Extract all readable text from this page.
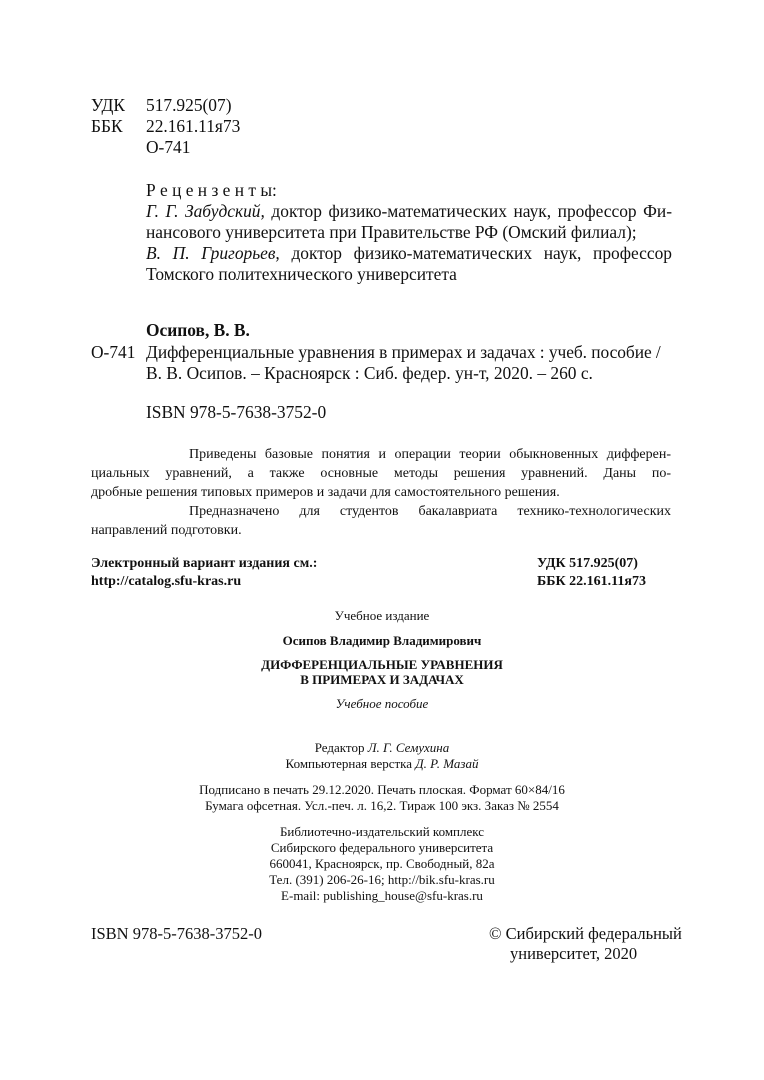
УДК 517.925(07)
ББК 22.161.11я73
О-741
Р е ц е н з е н т ы:
Г. Г. Забудский, доктор физико-математических наук, профессор Фи-
нансового университета при Правительстве РФ (Омский филиал);
В. П. Григорьев, доктор физико-математических наук, профессор
Томского политехнического университета
Осипов, В. В.
О-741 Дифференциальные уравнения в примерах и задачах : учеб. пособие /
В. В. Осипов. – Красноярск : Сиб. федер. ун-т, 2020. – 260 с.
ISBN 978-5-7638-3752-0
Приведены базовые понятия и операции теории обыкновенных дифферен-
циальных уравнений, а также основные методы решения уравнений. Даны по-
дробные решения типовых примеров и задачи для самостоятельного решения.
Предназначено для студентов бакалавриата технико-технологических
направлений подготовки.
Электронный вариант издания см.:
http://catalog.sfu-kras.ru
УДК 517.925(07)
ББК 22.161.11я73
Учебное издание
Осипов Владимир Владимирович
ДИФФЕРЕНЦИАЛЬНЫЕ УРАВНЕНИЯ
В ПРИМЕРАХ И ЗАДАЧАХ
Учебное пособие
Редактор Л. Г. Семухина
Компьютерная верстка Д. Р. Мазай
Подписано в печать 29.12.2020. Печать плоская. Формат 60×84/16
Бумага офсетная. Усл.-печ. л. 16,2. Тираж 100 экз. Заказ № 2554
Библиотечно-издательский комплекс
Сибирского федерального университета
660041, Красноярск, пр. Свободный, 82а
Тел. (391) 206-26-16; http://bik.sfu-kras.ru
E-mail: publishing_house@sfu-kras.ru
ISBN 978-5-7638-3752-0	© Сибирский федеральный
университет, 2020
